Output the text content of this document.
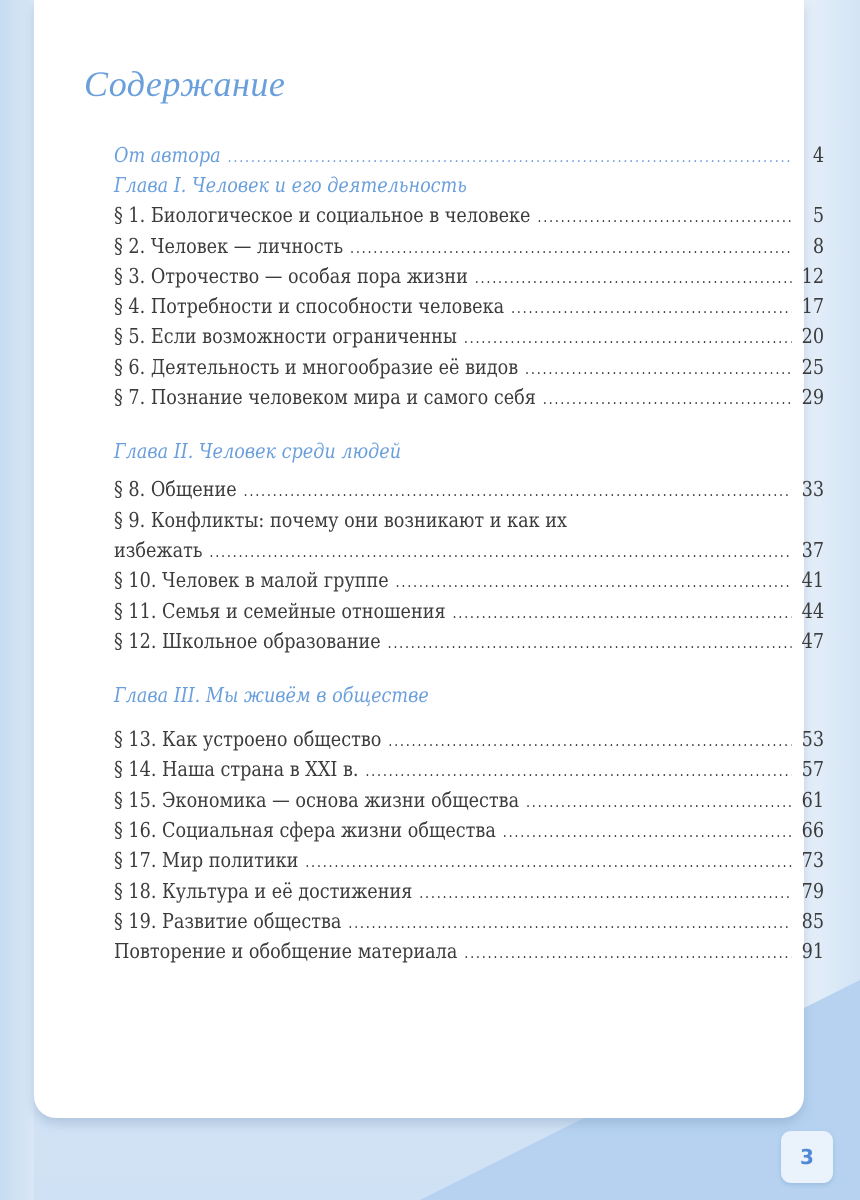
Содержание
От автора .....	4
Глава I. Человек и его деятельность
§ 1. Биологическое и социальное в человеке .....	5
§ 2. Человек — личность .....	8
§ 3. Отрочество — особая пора жизни .....	12
§ 4. Потребности и способности человека .....	17
§ 5. Если возможности ограниченны .....	20
§ 6. Деятельность и многообразие её видов .....	25
§ 7. Познание человеком мира и самого себя .....	29
Глава II. Человек среди людей
§ 8. Общение .....	33
§ 9. Конфликты: почему они возникают и как их
избежать .....	37
§ 10. Человек в малой группе .....	41
§ 11. Семья и семейные отношения .....	44
§ 12. Школьное образование .....	47
Глава III. Мы живём в обществе
§ 13. Как устроено общество .....	53
§ 14. Наша страна в XXI в. .....	57
§ 15. Экономика — основа жизни общества .....	61
§ 16. Социальная сфера жизни общества .....	66
§ 17. Мир политики .....	73
§ 18. Культура и её достижения .....	79
§ 19. Развитие общества .....	85
Повторение и обобщение материала .....	91
3
